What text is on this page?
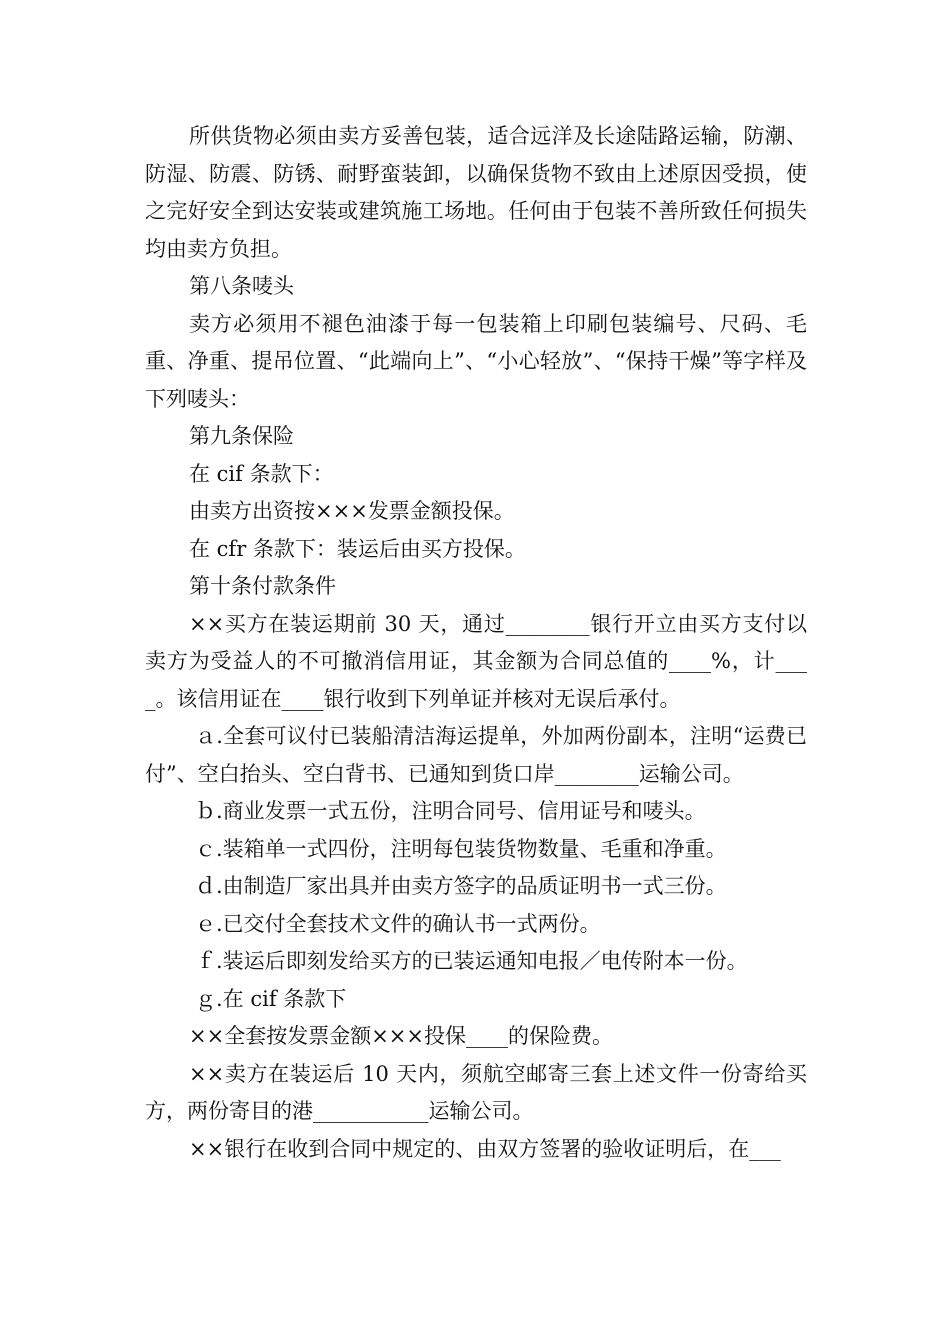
所供货物必须由卖方妥善包装，适合远洋及长途陆路运输，防潮、防湿、防震、防锈、耐野蛮装卸，以确保货物不致由上述原因受损，使之完好安全到达安装或建筑施工场地。任何由于包装不善所致任何损失均由卖方负担。

第八条唛头

卖方必须用不褪色油漆于每一包装箱上印刷包装编号、尺码、毛重、净重、提吊位置、“此端向上”、“小心轻放”、“保持干燥”等字样及下列唛头：

第九条保险

在 cif 条款下：

由卖方出资按×××发票金额投保。

在 cfr 条款下：装运后由买方投保。

第十条付款条件

××买方在装运期前 30 天，通过________银行开立由买方支付以卖方为受益人的不可撤消信用证，其金额为合同总值的____%，计____。该信用证在____银行收到下列单证并核对无误后承付。

ａ.全套可议付已装船清洁海运提单，外加两份副本，注明“运费已付”、空白抬头、空白背书、已通知到货口岸________运输公司。

ｂ.商业发票一式五份，注明合同号、信用证号和唛头。

ｃ.装箱单一式四份，注明每包装货物数量、毛重和净重。

ｄ.由制造厂家出具并由卖方签字的品质证明书一式三份。

ｅ.已交付全套技术文件的确认书一式两份。

ｆ.装运后即刻发给买方的已装运通知电报／电传附本一份。

ｇ.在 cif 条款下

××全套按发票金额×××投保____的保险费。

××卖方在装运后 10 天内，须航空邮寄三套上述文件一份寄给买方，两份寄目的港___________运输公司。

××银行在收到合同中规定的、由双方签署的验收证明后，在___
